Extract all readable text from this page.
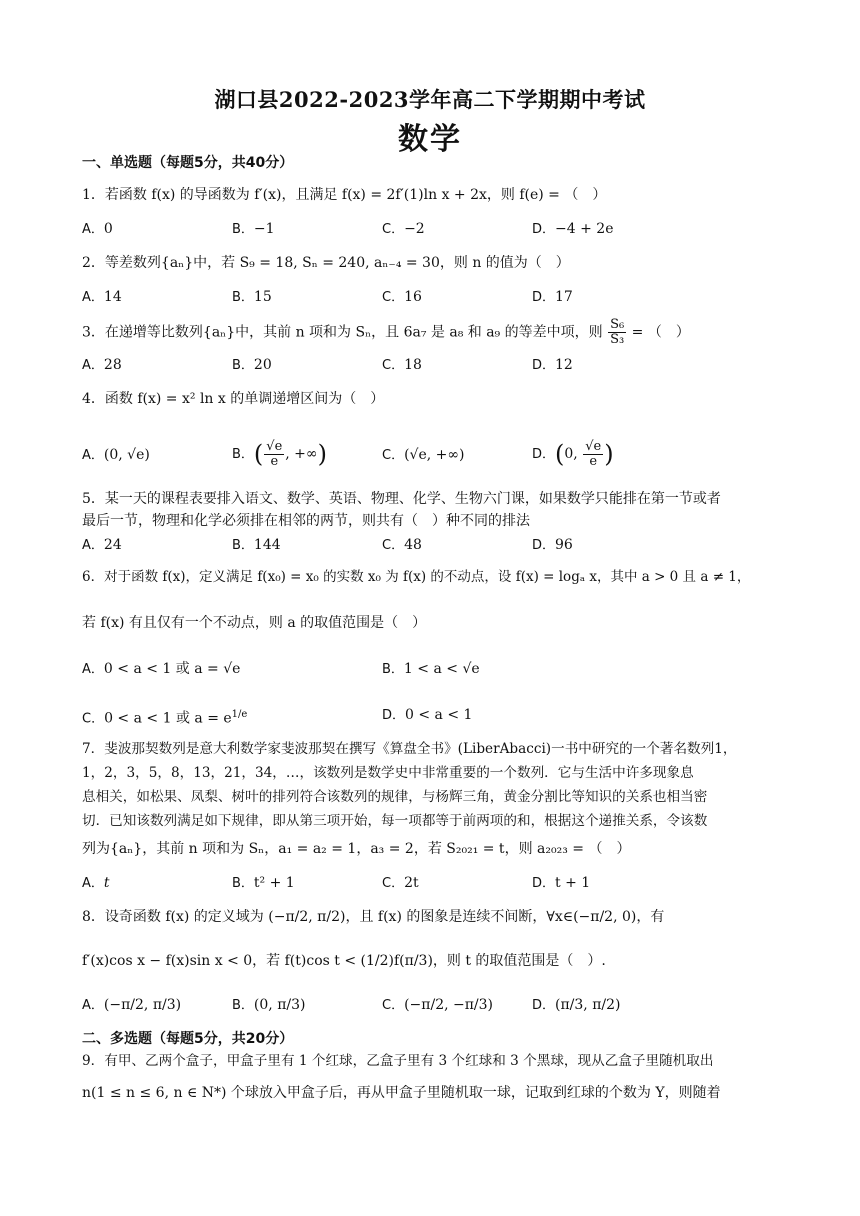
湖口县2022-2023学年高二下学期期中考试
数学
一、单选题（每题5分，共40分）
1．若函数 f(x) 的导函数为 f′(x)，且满足 f(x) = 2f′(1)ln x + 2x，则 f(e) = （　）
A．0	B．−1	C．−2	D．−4 + 2e
2．等差数列{aₙ}中，若 S₉ = 18, Sₙ = 240, aₙ₋₄ = 30，则 n 的值为（　）
A．14	B．15	C．16	D．17
3．在递增等比数列{aₙ}中，其前 n 项和为 Sₙ，且 6a₇ 是 a₈ 和 a₉ 的等差中项，则 $\frac{\text{S₆}}{\text{S₃}}$ = （　）
A．28	B．20	C．18	D．12
4．函数 f(x) = x² ln x 的单调递增区间为（　）
A．(0, √e)	B．( $\frac{√e}{e}$ , +∞)	C．(√e, +∞)	D．(0, $\frac{√e}{e}$ )
5．某一天的课程表要排入语文、数学、英语、物理、化学、生物六门课，如果数学只能排在第一节或者
最后一节，物理和化学必须排在相邻的两节，则共有（　）种不同的排法
A．24	B．144	C．48	D．96
6．对于函数 f(x)，定义满足 f(x₀) = x₀ 的实数 x₀ 为 f(x) 的不动点，设 f(x) = logₐ x，其中 a > 0 且 a ≠ 1，
若 f(x) 有且仅有一个不动点，则 a 的取值范围是（　）
A．0 < a < 1 或 a = √e	B．1 < a < √e
C．0 < a < 1 或 $a = e^{1/e}$	D．0 < a < 1
7．斐波那契数列是意大利数学家斐波那契在撰写《算盘全书》(LiberAbacci)一书中研究的一个著名数列1，
1，2，3，5，8，13，21，34，…，该数列是数学史中非常重要的一个数列．它与生活中许多现象息
息相关，如松果、凤梨、树叶的排列符合该数列的规律，与杨辉三角，黄金分割比等知识的关系也相当密
切．已知该数列满足如下规律，即从第三项开始，每一项都等于前两项的和，根据这个递推关系，令该数
列为{aₙ}，其前 n 项和为 Sₙ，a₁ = a₂ = 1，a₃ = 2，若 S₂₀₂₁ = t，则 a₂₀₂₃ = （　）
A．t	B．t² + 1	C．2t	D．t + 1
8．设奇函数 f(x) 的定义域为 (−π/2, π/2)，且 f(x) 的图象是连续不间断，∀x∈(−π/2, 0)，有
f′(x)cos x − f(x)sin x < 0，若 f(t)cos t < (1/2)f(π/3)，则 t 的取值范围是（　）.
A．(−π/2, π/3)	B．(0, π/3)	C．(−π/2, −π/3)	D．(π/3, π/2)
二、多选题（每题5分，共20分）
9．有甲、乙两个盒子，甲盒子里有 1 个红球，乙盒子里有 3 个红球和 3 个黑球，现从乙盒子里随机取出
n(1 ≤ n ≤ 6, n ∈ N*) 个球放入甲盒子后，再从甲盒子里随机取一球，记取到红球的个数为 Y，则随着
